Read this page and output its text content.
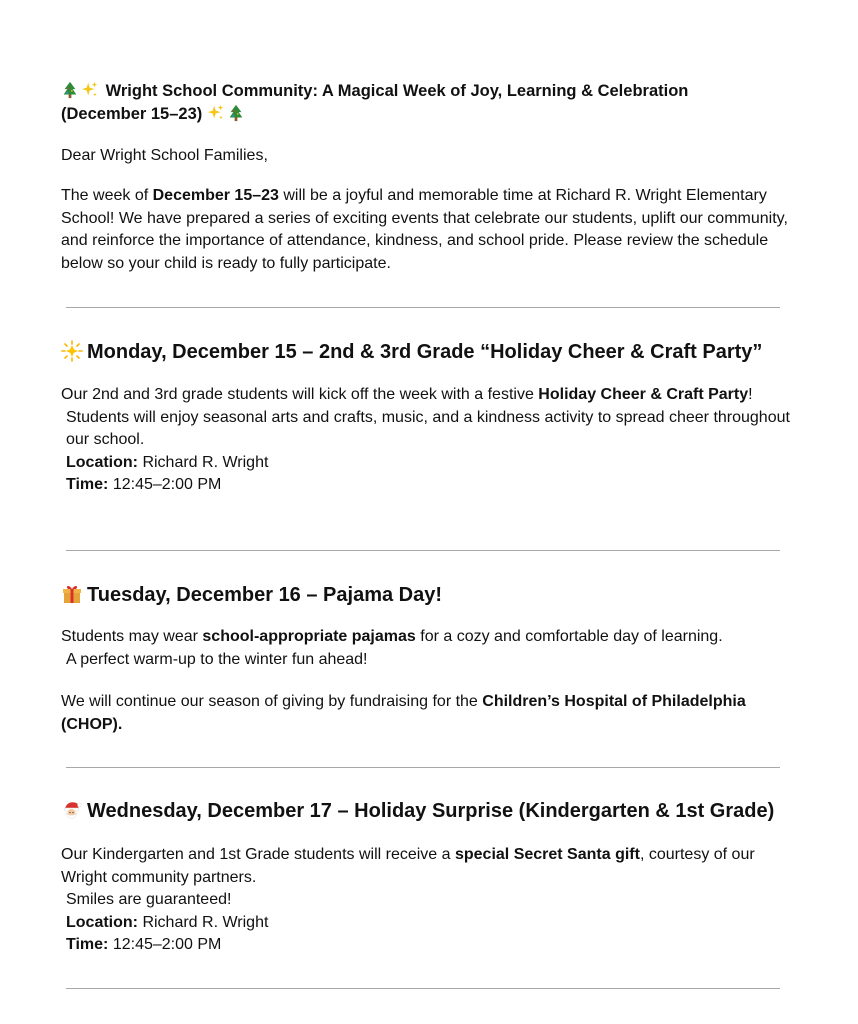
Wright School Community: A Magical Week of Joy, Learning & Celebration (December 15–23)

Dear Wright School Families,

The week of December 15–23 will be a joyful and memorable time at Richard R. Wright Elementary School! We have prepared a series of exciting events that celebrate our students, uplift our community, and reinforce the importance of attendance, kindness, and school pride. Please review the schedule below so your child is ready to fully participate.

Monday, December 15 – 2nd & 3rd Grade “Holiday Cheer & Craft Party”

Our 2nd and 3rd grade students will kick off the week with a festive Holiday Cheer & Craft Party!

Students will enjoy seasonal arts and crafts, music, and a kindness activity to spread cheer throughout our school.

Location: Richard R. Wright

Time: 12:45–2:00 PM

Tuesday, December 16 – Pajama Day!

Students may wear school-appropriate pajamas for a cozy and comfortable day of learning.

A perfect warm-up to the winter fun ahead!

We will continue our season of giving by fundraising for the Children’s Hospital of Philadelphia (CHOP).

Wednesday, December 17 – Holiday Surprise (Kindergarten & 1st Grade)

Our Kindergarten and 1st Grade students will receive a special Secret Santa gift, courtesy of our Wright community partners.

Smiles are guaranteed!

Location: Richard R. Wright

Time: 12:45–2:00 PM
